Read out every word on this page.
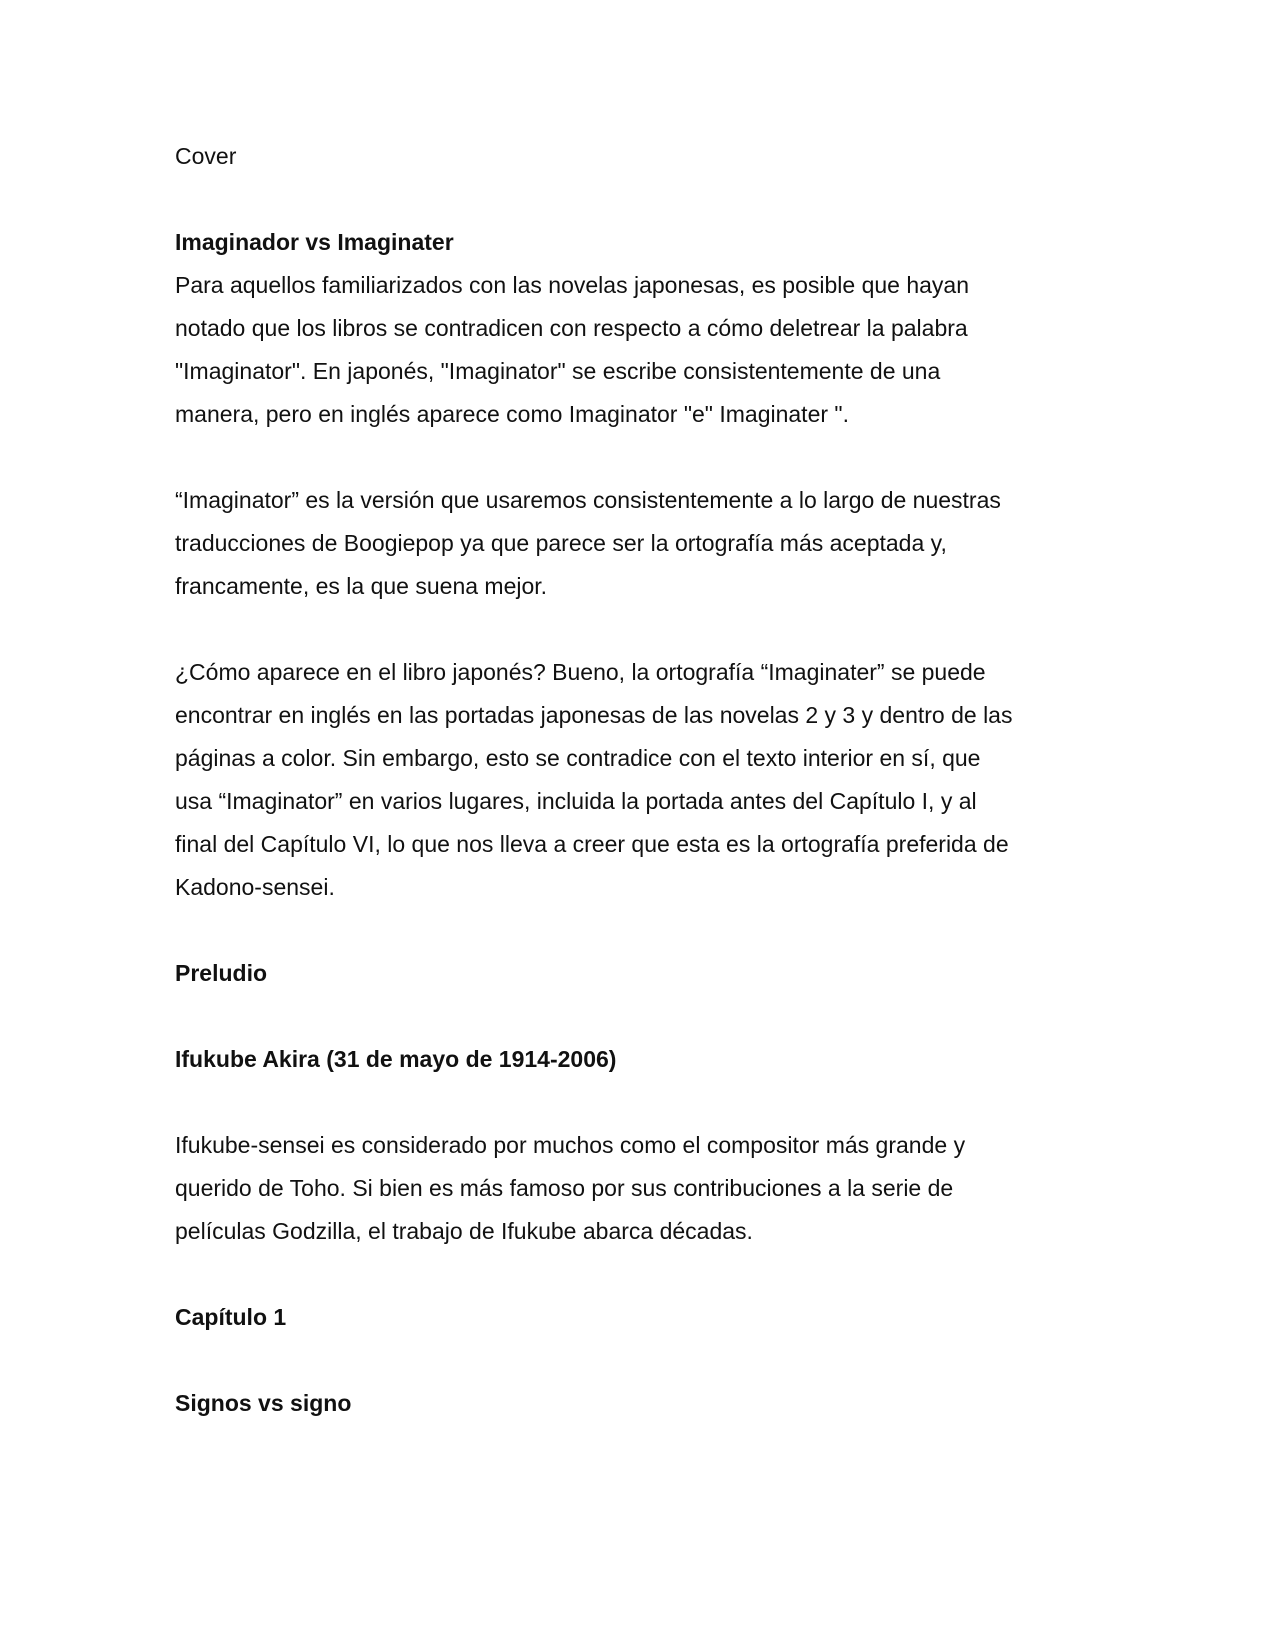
Cover

Imaginador vs Imaginater

Para aquellos familiarizados con las novelas japonesas, es posible que hayan

notado que los libros se contradicen con respecto a cómo deletrear la palabra

"Imaginator". En japonés, "Imaginator" se escribe consistentemente de una

manera, pero en inglés aparece como Imaginator "e" Imaginater ".

“Imaginator” es la versión que usaremos consistentemente a lo largo de nuestras

traducciones de Boogiepop ya que parece ser la ortografía más aceptada y,

francamente, es la que suena mejor.

¿Cómo aparece en el libro japonés? Bueno, la ortografía “Imaginater” se puede

encontrar en inglés en las portadas japonesas de las novelas 2 y 3 y dentro de las

páginas a color. Sin embargo, esto se contradice con el texto interior en sí, que

usa “Imaginator” en varios lugares, incluida la portada antes del Capítulo I, y al

final del Capítulo VI, lo que nos lleva a creer que esta es la ortografía preferida de

Kadono-sensei.

Preludio

Ifukube Akira (31 de mayo de 1914-2006)

Ifukube-sensei es considerado por muchos como el compositor más grande y

querido de Toho. Si bien es más famoso por sus contribuciones a la serie de

películas Godzilla, el trabajo de Ifukube abarca décadas.

Capítulo 1

Signos vs signo
